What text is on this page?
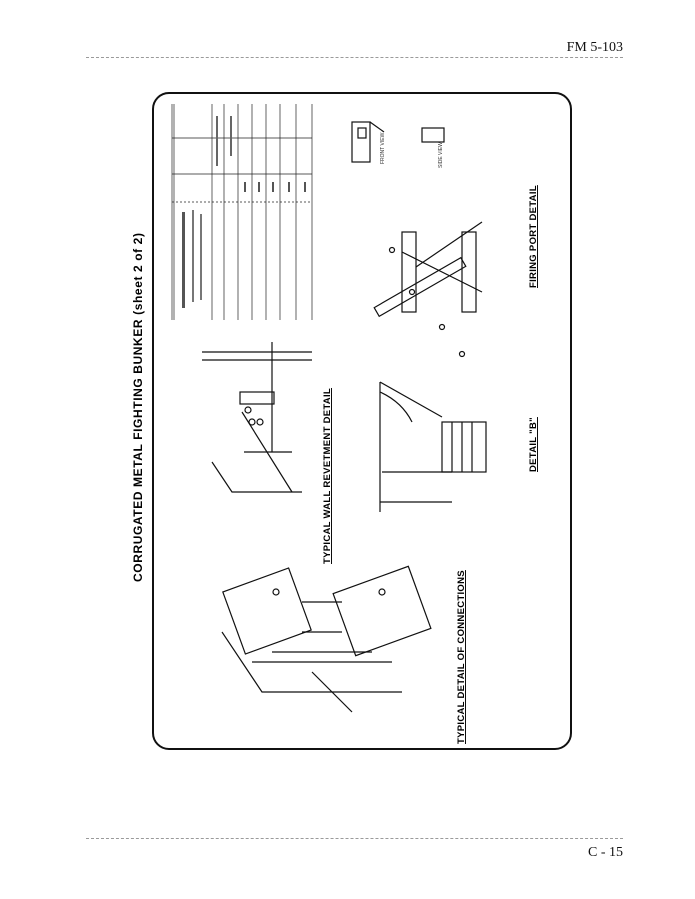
FM 5-103
CORRUGATED METAL FIGHTING BUNKER (sheet 2 of 2)
FRONT VIEW	SIDE VIEW
FIRING PORT DETAIL
TYPICAL WALL REVETMENT DETAIL	DETAIL "B"
TYPICAL DETAIL OF CONNECTIONS
C - 15
